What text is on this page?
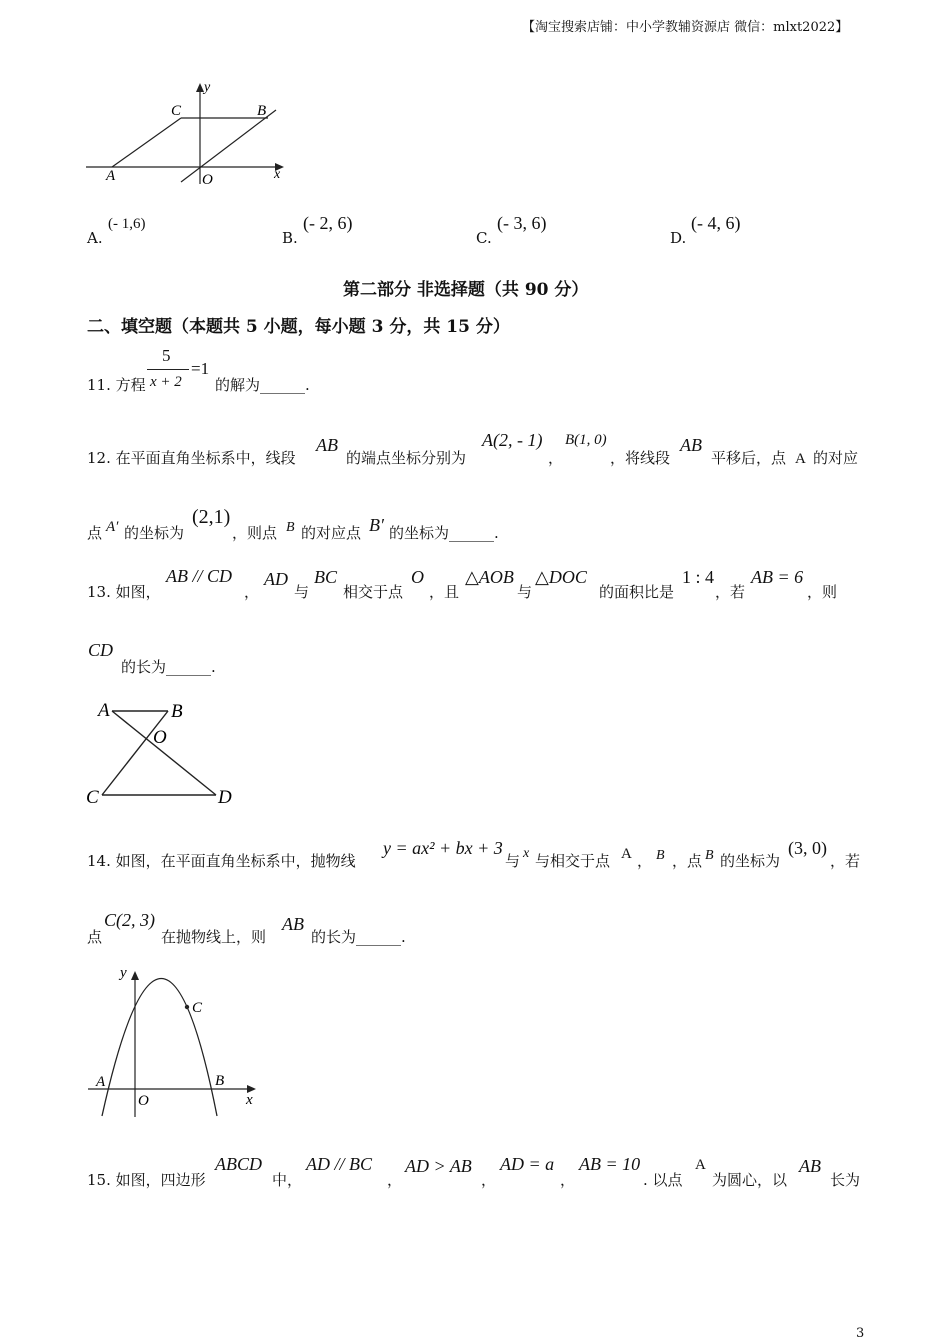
【淘宝搜索店铺：中小学教辅资源店 微信：mlxt2022】
y
x
C	B
A	O
A.
(- 1,6)
B.
(- 2, 6)
C.
(- 3, 6)
D.
(- 4, 6)
第二部分 非选择题（共 90 分）
二、填空题（本题共 5 小题，每小题 3 分，共 15 分）
11. 方程
5
x + 2
=1
的解为______.
12. 在平面直角坐标系中，线段
AB
的端点坐标分别为
A(2, - 1)
，
B(1, 0)
，将线段
AB
平移后，点 A 的对应
点 A′ 的坐标为
(2,1)
，则点 B 的对应点 B′ 的坐标为______.
13. 如图，
AB // CD
，
AD
与
BC
相交于点
O
，且
△AOB
与
△DOC
的面积比是
1 : 4
，若
AB = 6
，则
CD
的长为______.
A	B
O
C	D
14. 如图，在平面直角坐标系中，抛物线
y = ax² + bx + 3
与 x 与相交于点 A ， B ，点 B 的坐标为
(3, 0)
，若
点
C(2, 3)
在抛物线上，则
AB
的长为______.
y
x
C
A	B
O
15. 如图，四边形
ABCD
中，
AD // BC
，
AD > AB
，
AD = a
，
AB = 10
. 以点
A
为圆心，以
AB
长为
3
